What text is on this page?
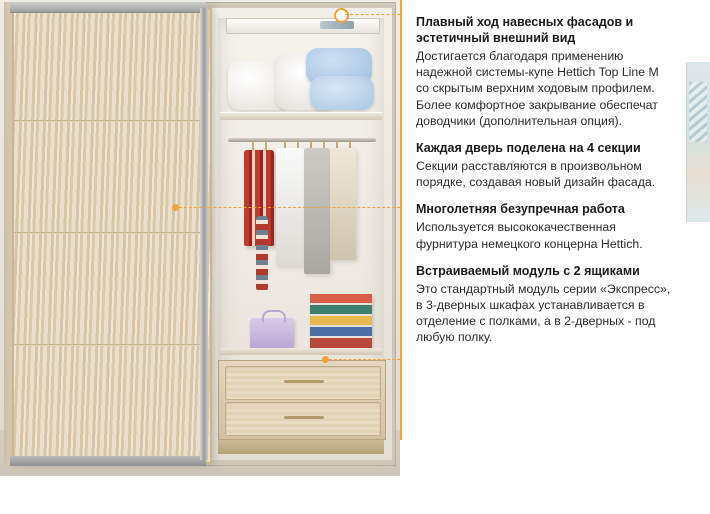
Плавный ход навесных фасадов и эстетичный внешний вид

Достигается благодаря применению надежной системы-купе Hettich Top Line M со скрытым верхним ходовым профилем. Более комфортное закрывание обеспечат доводчики (дополнительная опция).

Каждая дверь поделена на 4 секции

Секции расставляются в произвольном порядке, создавая новый дизайн фасада.

Многолетняя безупречная работа

Используется высококачественная фурнитура немецкого концерна Hettich.

Встраиваемый модуль с 2 ящиками

Это стандартный модуль серии «Экспресс», в 3-дверных шкафах устанавливается в отделение с полками, а в 2-дверных - под любую полку.
